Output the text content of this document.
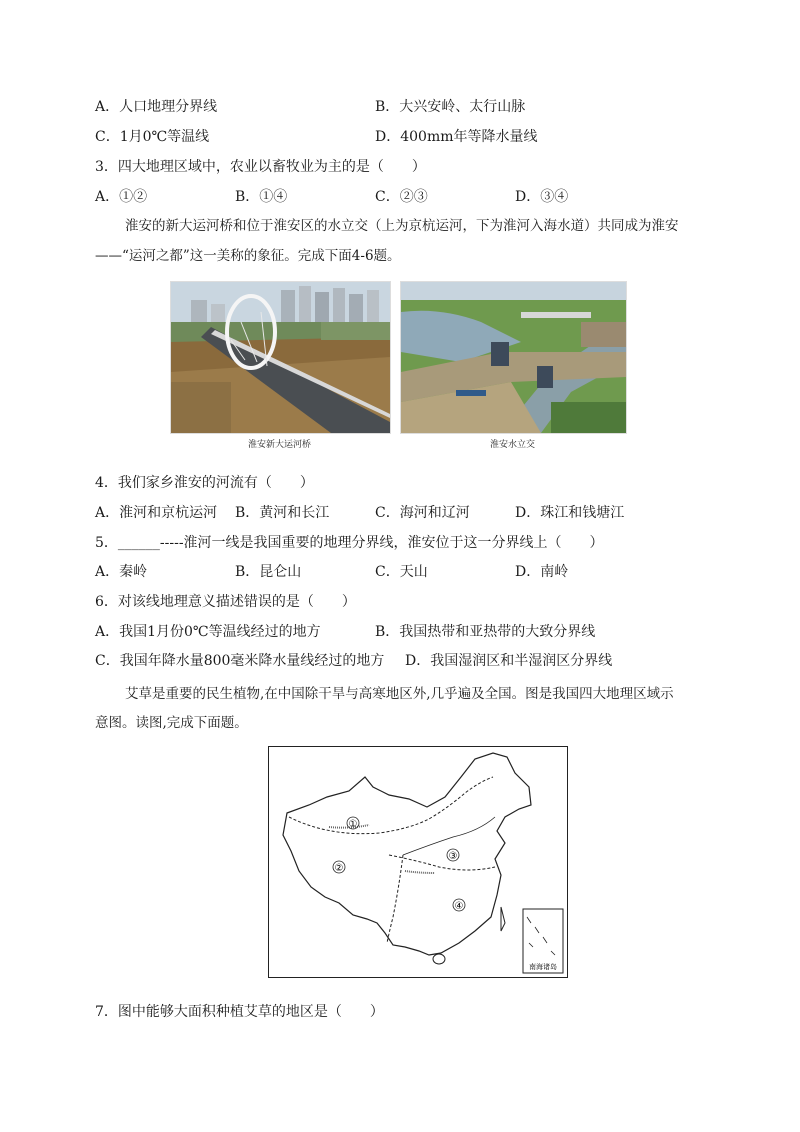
A．人口地理分界线	B．大兴安岭、太行山脉
C．1月0℃等温线	D．400mm年等降水量线
3．四大地理区域中，农业以畜牧业为主的是（　　）
A．①②	B．①④	C．②③	D．③④
淮安的新大运河桥和位于淮安区的水立交（上为京杭运河，下为淮河入海水道）共同成为淮安
——“运河之都”这一美称的象征。完成下面4-6题。
淮安新大运河桥	淮安水立交
4．我们家乡淮安的河流有（　　）
A．淮河和京杭运河 B．黄河和长江	C．海河和辽河	D．珠江和钱塘江
5．______-----淮河一线是我国重要的地理分界线，淮安位于这一分界线上（　　）
A．秦岭	B．昆仑山	C．天山	D．南岭
6．对该线地理意义描述错误的是（　　）
A．我国1月份0℃等温线经过的地方	B．我国热带和亚热带的大致分界线
C．我国年降水量800毫米降水量线经过的地方 D．我国湿润区和半湿润区分界线
艾草是重要的民生植物,在中国除干旱与高寒地区外,几乎遍及全国。图是我国四大地理区域示
意图。读图,完成下面题。
①
②
③
④
南海诸岛
7．图中能够大面积种植艾草的地区是（　　）
